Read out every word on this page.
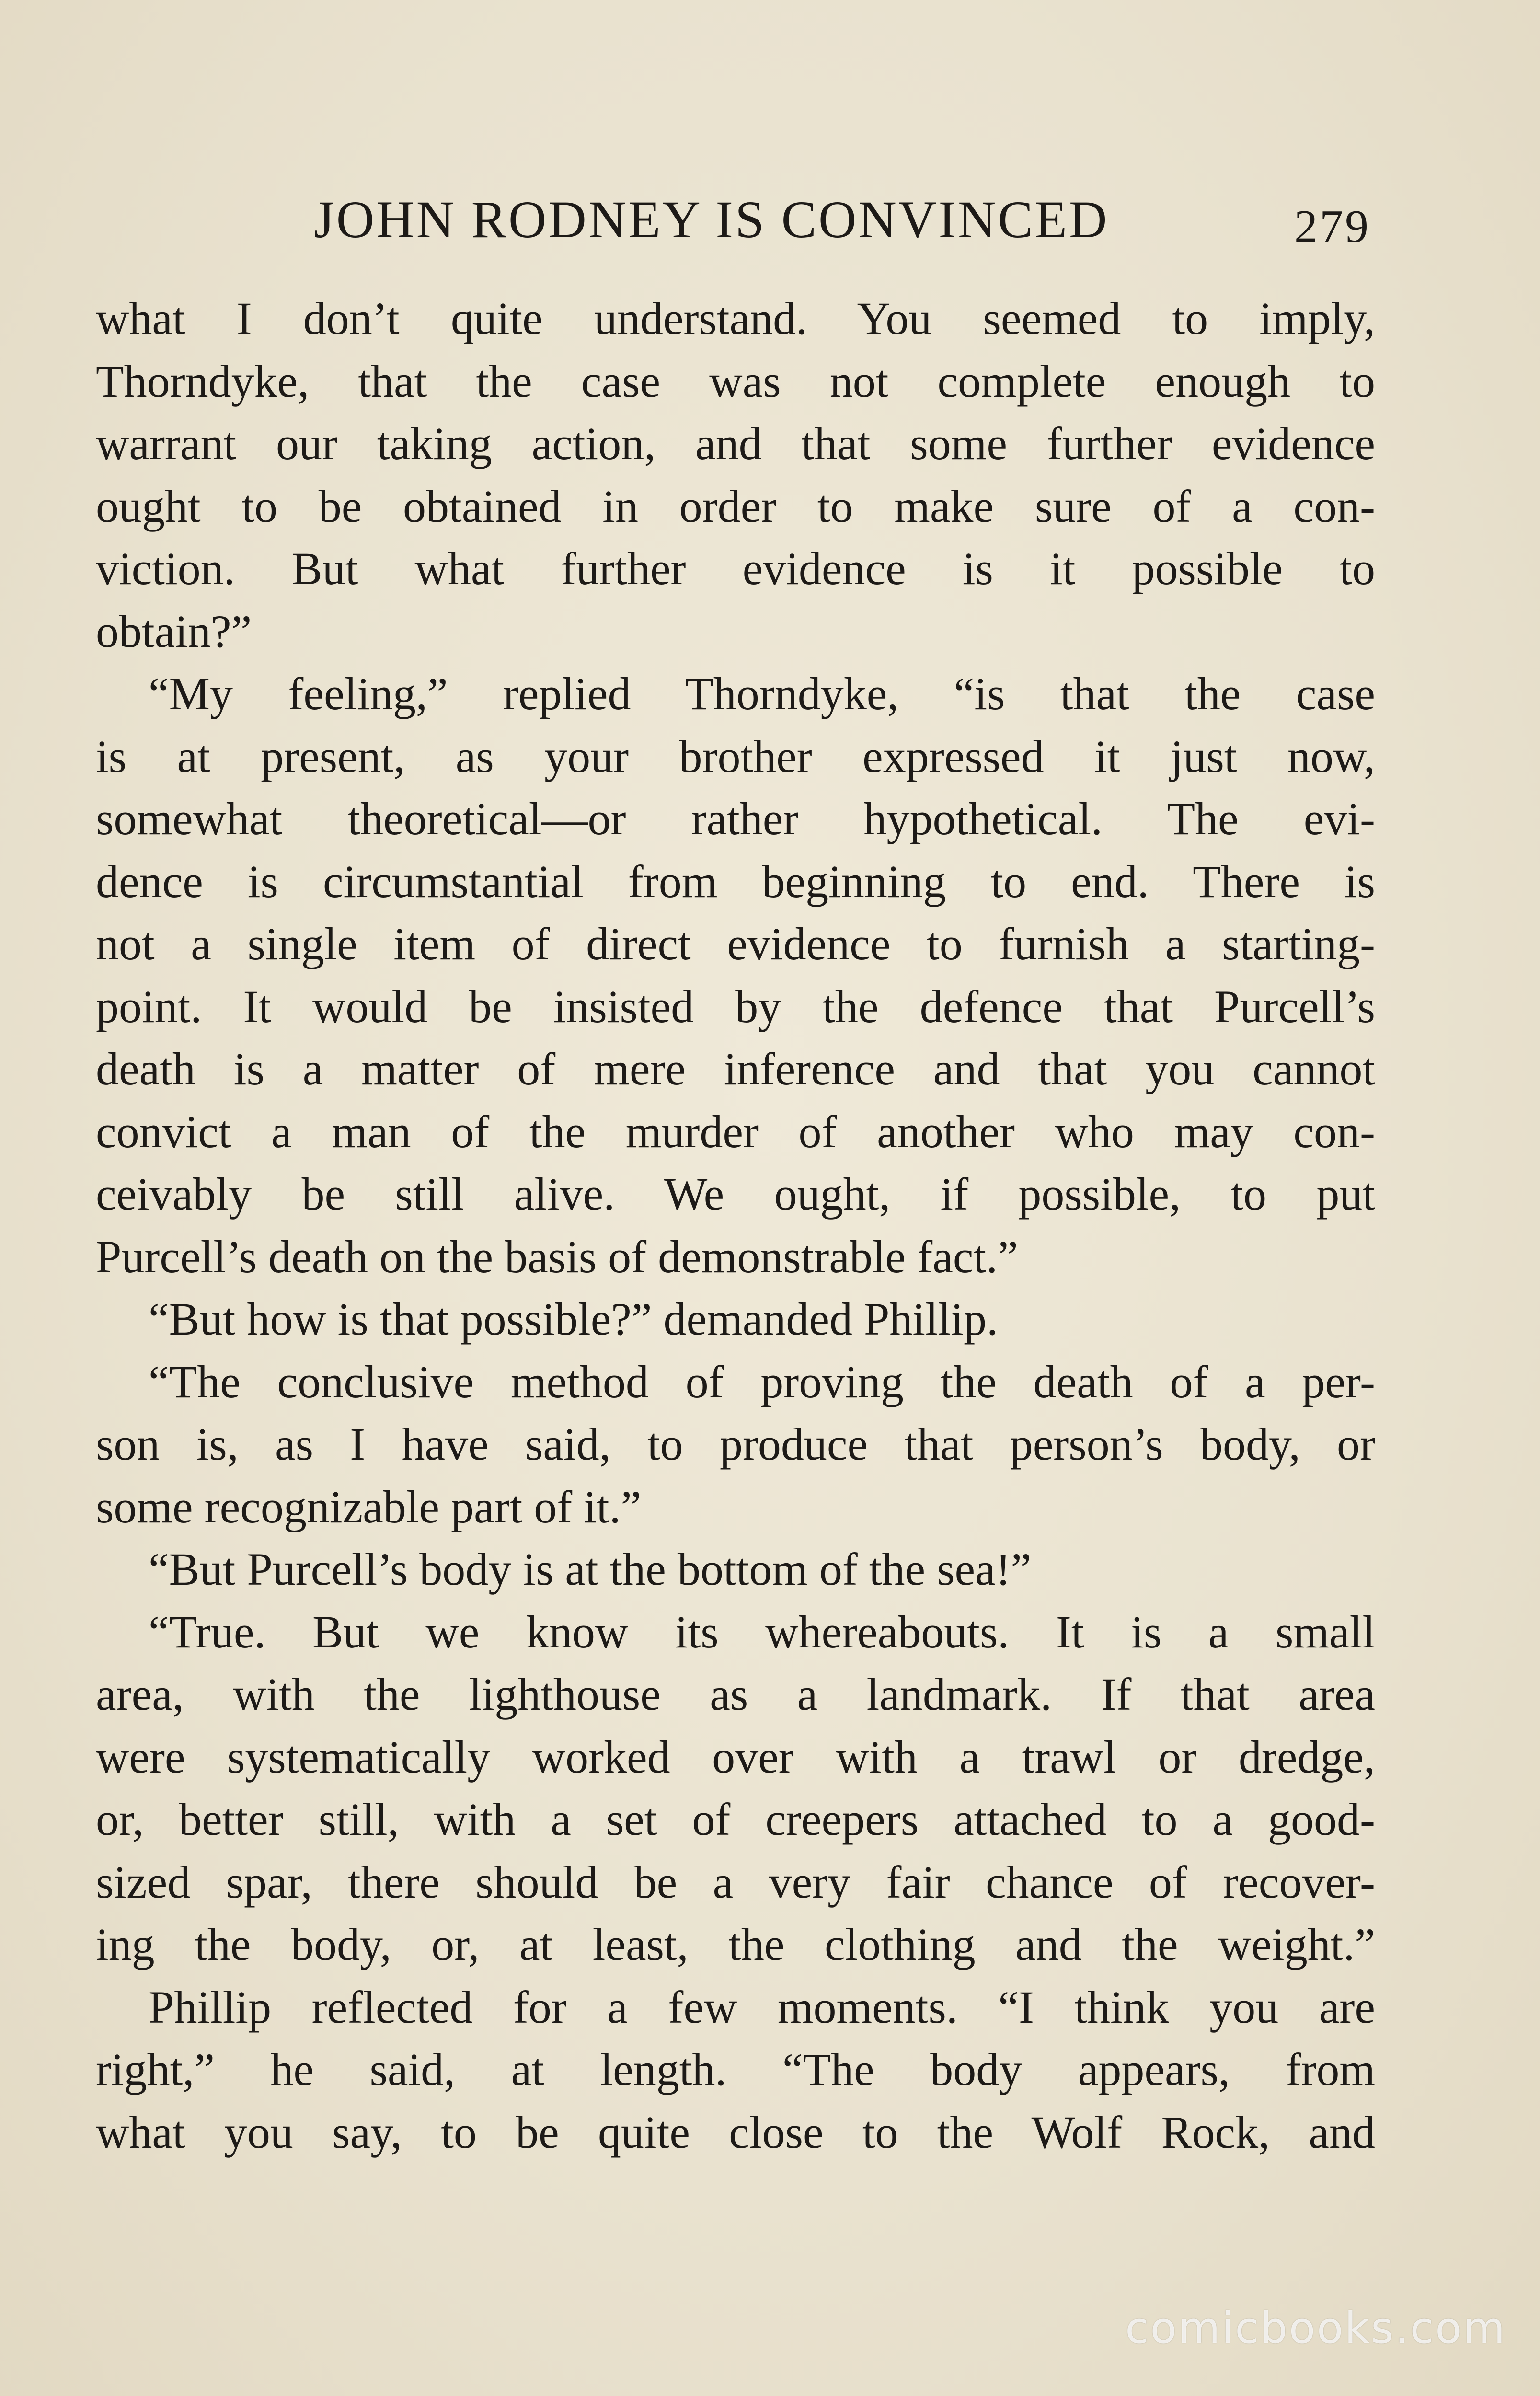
JOHN RODNEY IS CONVINCED	279
what I don’t quite understand. You seemed to imply,
Thorndyke, that the case was not complete enough to
warrant our taking action, and that some further evidence
ought to be obtained in order to make sure of a con-
viction. But what further evidence is it possible to
obtain?”
“My feeling,” replied Thorndyke, “is that the case
is at present, as your brother expressed it just now,
somewhat theoretical—or rather hypothetical. The evi-
dence is circumstantial from beginning to end. There is
not a single item of direct evidence to furnish a starting-
point. It would be insisted by the defence that Purcell’s
death is a matter of mere inference and that you cannot
convict a man of the murder of another who may con-
ceivably be still alive. We ought, if possible, to put
Purcell’s death on the basis of demonstrable fact.”
“But how is that possible?” demanded Phillip.
“The conclusive method of proving the death of a per-
son is, as I have said, to produce that person’s body, or
some recognizable part of it.”
“But Purcell’s body is at the bottom of the sea!”
“True. But we know its whereabouts. It is a small
area, with the lighthouse as a landmark. If that area
were systematically worked over with a trawl or dredge,
or, better still, with a set of creepers attached to a good-
sized spar, there should be a very fair chance of recover-
ing the body, or, at least, the clothing and the weight.”
Phillip reflected for a few moments. “I think you are
right,” he said, at length. “The body appears, from
what you say, to be quite close to the Wolf Rock, and
comicbooks.com
